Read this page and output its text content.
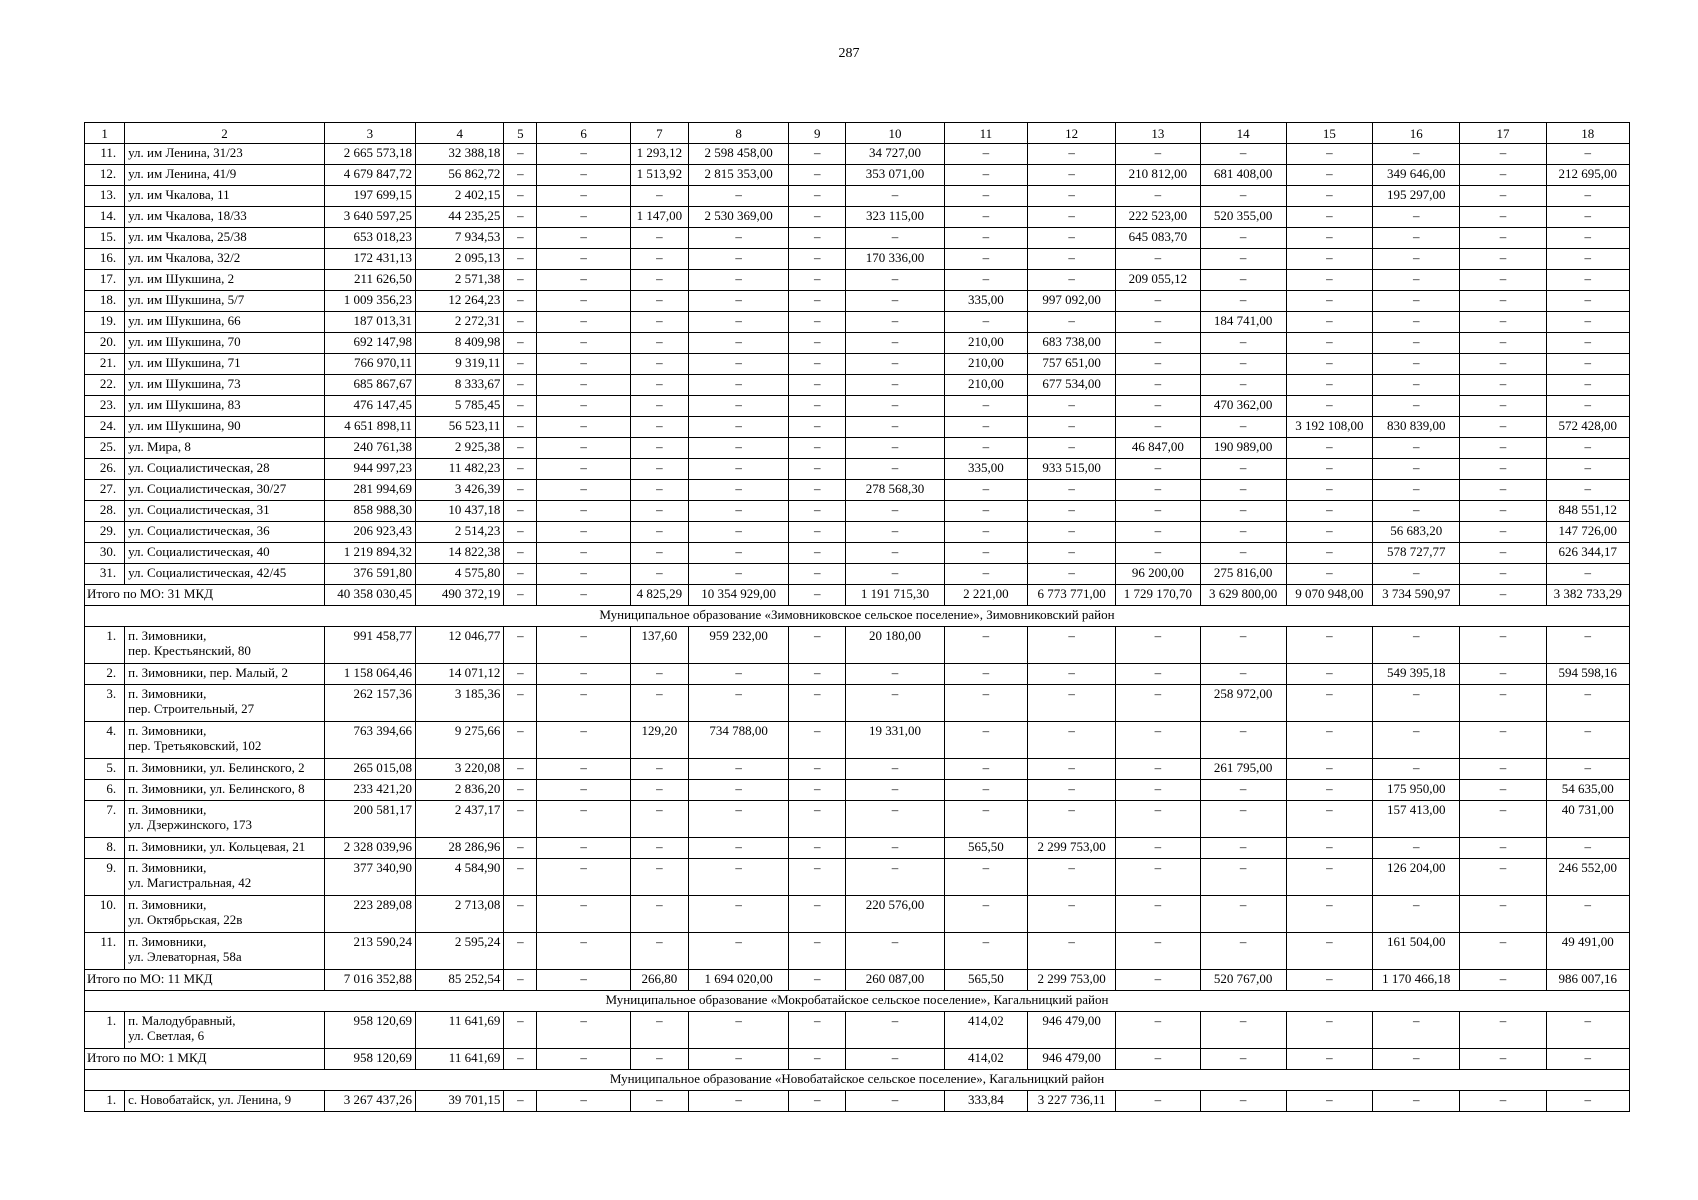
287
1	2	3	4	5	6	7	8	9	10	11	12	13	14	15	16	17	18
11.	ул. им Ленина, 31/23	2 665 573,18	32 388,18	–	–	1 293,12	2 598 458,00	–	34 727,00	–	–	–	–	–	–	–	–
12.	ул. им Ленина, 41/9	4 679 847,72	56 862,72	–	–	1 513,92	2 815 353,00	–	353 071,00	–	–	210 812,00	681 408,00	–	349 646,00	–	212 695,00
13.	ул. им Чкалова, 11	197 699,15	2 402,15	–	–	–	–	–	–	–	–	–	–	–	195 297,00	–	–
14.	ул. им Чкалова, 18/33	3 640 597,25	44 235,25	–	–	1 147,00	2 530 369,00	–	323 115,00	–	–	222 523,00	520 355,00	–	–	–	–
15.	ул. им Чкалова, 25/38	653 018,23	7 934,53	–	–	–	–	–	–	–	–	645 083,70	–	–	–	–	–
16.	ул. им Чкалова, 32/2	172 431,13	2 095,13	–	–	–	–	–	170 336,00	–	–	–	–	–	–	–	–
17.	ул. им Шукшина, 2	211 626,50	2 571,38	–	–	–	–	–	–	–	–	209 055,12	–	–	–	–	–
18.	ул. им Шукшина, 5/7	1 009 356,23	12 264,23	–	–	–	–	–	–	335,00	997 092,00	–	–	–	–	–	–
19.	ул. им Шукшина, 66	187 013,31	2 272,31	–	–	–	–	–	–	–	–	–	184 741,00	–	–	–	–
20.	ул. им Шукшина, 70	692 147,98	8 409,98	–	–	–	–	–	–	210,00	683 738,00	–	–	–	–	–	–
21.	ул. им Шукшина, 71	766 970,11	9 319,11	–	–	–	–	–	–	210,00	757 651,00	–	–	–	–	–	–
22.	ул. им Шукшина, 73	685 867,67	8 333,67	–	–	–	–	–	–	210,00	677 534,00	–	–	–	–	–	–
23.	ул. им Шукшина, 83	476 147,45	5 785,45	–	–	–	–	–	–	–	–	–	470 362,00	–	–	–	–
24.	ул. им Шукшина, 90	4 651 898,11	56 523,11	–	–	–	–	–	–	–	–	–	–	3 192 108,00	830 839,00	–	572 428,00
25.	ул. Мира, 8	240 761,38	2 925,38	–	–	–	–	–	–	–	–	46 847,00	190 989,00	–	–	–	–
26.	ул. Социалистическая, 28	944 997,23	11 482,23	–	–	–	–	–	–	335,00	933 515,00	–	–	–	–	–	–
27.	ул. Социалистическая, 30/27	281 994,69	3 426,39	–	–	–	–	–	278 568,30	–	–	–	–	–	–	–	–
28.	ул. Социалистическая, 31	858 988,30	10 437,18	–	–	–	–	–	–	–	–	–	–	–	–	–	848 551,12
29.	ул. Социалистическая, 36	206 923,43	2 514,23	–	–	–	–	–	–	–	–	–	–	–	56 683,20	–	147 726,00
30.	ул. Социалистическая, 40	1 219 894,32	14 822,38	–	–	–	–	–	–	–	–	–	–	–	578 727,77	–	626 344,17
31.	ул. Социалистическая, 42/45	376 591,80	4 575,80	–	–	–	–	–	–	–	–	96 200,00	275 816,00	–	–	–	–
Итого по МО: 31 МКД		40 358 030,45	490 372,19	–	–	4 825,29	10 354 929,00	–	1 191 715,30	2 221,00	6 773 771,00	1 729 170,70	3 629 800,00	9 070 948,00	3 734 590,97	–	3 382 733,29
Муниципальное образование «Зимовниковское сельское поселение», Зимовниковский район																	
1.	п. Зимовники,
пер. Крестьянский, 80	991 458,77	12 046,77	–	–	137,60	959 232,00	–	20 180,00	–	–	–	–	–	–	–	–
2.	п. Зимовники, пер. Малый, 2	1 158 064,46	14 071,12	–	–	–	–	–	–	–	–	–	–	–	549 395,18	–	594 598,16
3.	п. Зимовники,
пер. Строительный, 27	262 157,36	3 185,36	–	–	–	–	–	–	–	–	–	258 972,00	–	–	–	–
4.	п. Зимовники,
пер. Третьяковский, 102	763 394,66	9 275,66	–	–	129,20	734 788,00	–	19 331,00	–	–	–	–	–	–	–	–
5.	п. Зимовники, ул. Белинского, 2	265 015,08	3 220,08	–	–	–	–	–	–	–	–	–	261 795,00	–	–	–	–
6.	п. Зимовники, ул. Белинского, 8	233 421,20	2 836,20	–	–	–	–	–	–	–	–	–	–	–	175 950,00	–	54 635,00
7.	п. Зимовники,
ул. Дзержинского, 173	200 581,17	2 437,17	–	–	–	–	–	–	–	–	–	–	–	157 413,00	–	40 731,00
8.	п. Зимовники, ул. Кольцевая, 21	2 328 039,96	28 286,96	–	–	–	–	–	–	565,50	2 299 753,00	–	–	–	–	–	–
9.	п. Зимовники,
ул. Магистральная, 42	377 340,90	4 584,90	–	–	–	–	–	–	–	–	–	–	–	126 204,00	–	246 552,00
10.	п. Зимовники,
ул. Октябрьская, 22в	223 289,08	2 713,08	–	–	–	–	–	220 576,00	–	–	–	–	–	–	–	–
11.	п. Зимовники,
ул. Элеваторная, 58а	213 590,24	2 595,24	–	–	–	–	–	–	–	–	–	–	–	161 504,00	–	49 491,00
Итого по МО: 11 МКД		7 016 352,88	85 252,54	–	–	266,80	1 694 020,00	–	260 087,00	565,50	2 299 753,00	–	520 767,00	–	1 170 466,18	–	986 007,16
Муниципальное образование «Мокробатайское сельское поселение», Кагальницкий район																	
1.	п. Малодубравный,
ул. Светлая, 6	958 120,69	11 641,69	–	–	–	–	–	–	414,02	946 479,00	–	–	–	–	–	–
Итого по МО: 1 МКД		958 120,69	11 641,69	–	–	–	–	–	–	414,02	946 479,00	–	–	–	–	–	–
Муниципальное образование «Новобатайское сельское поселение», Кагальницкий район																	
1.	с. Новобатайск, ул. Ленина, 9	3 267 437,26	39 701,15	–	–	–	–	–	–	333,84	3 227 736,11	–	–	–	–	–	–
